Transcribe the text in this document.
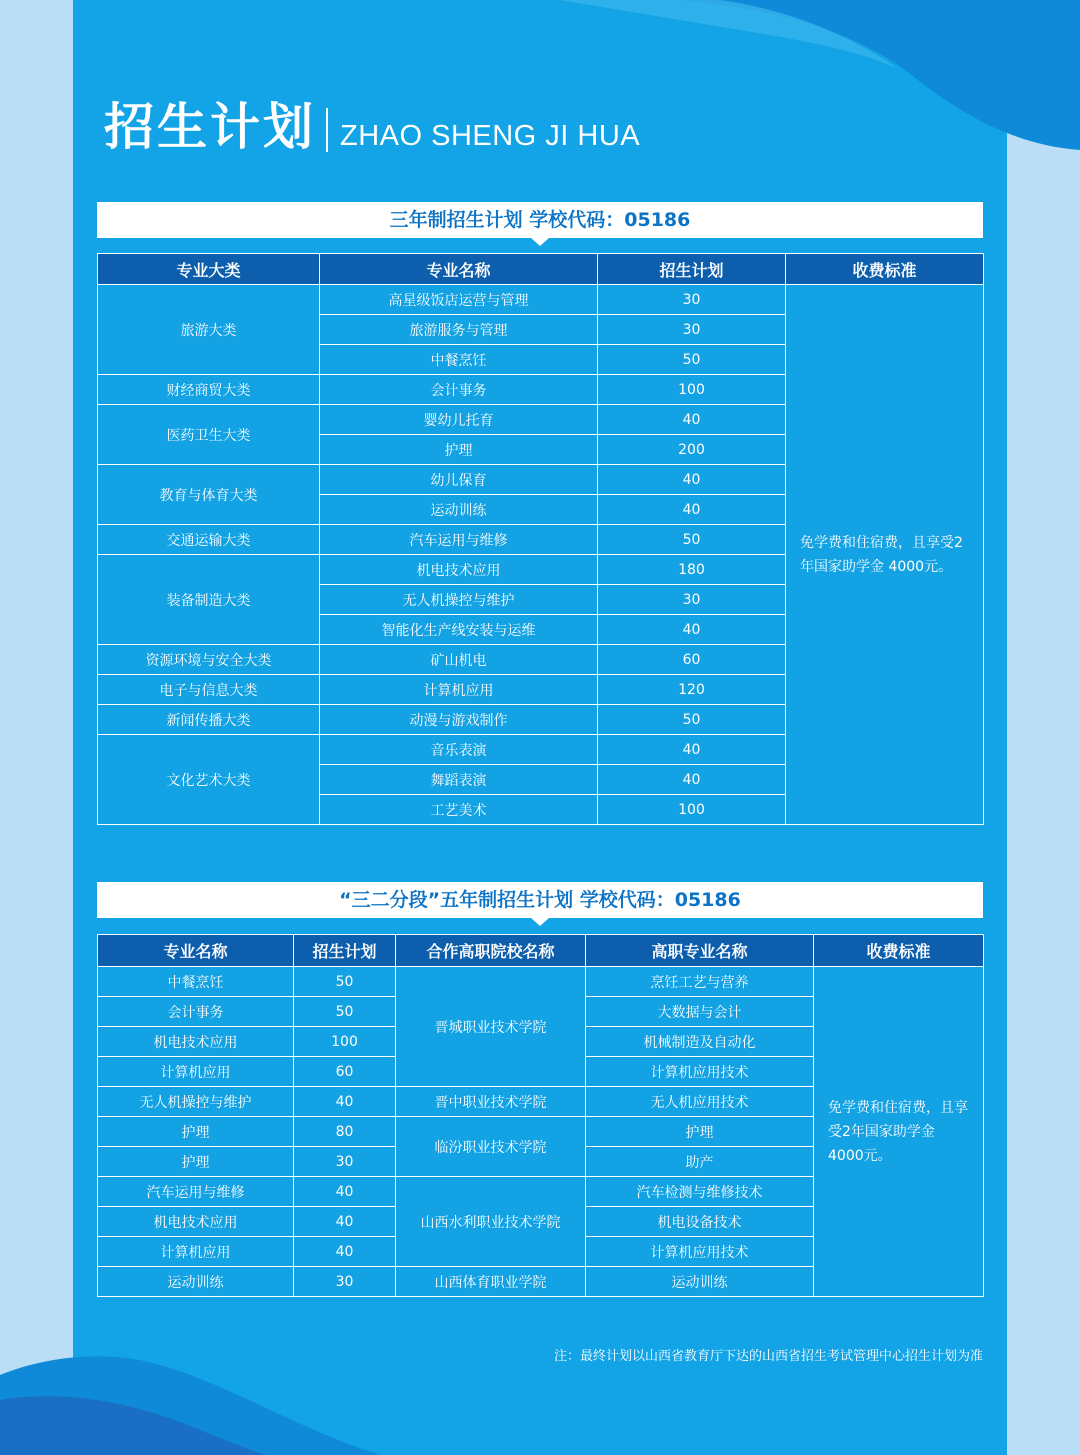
招生计划 ZHAO SHENG JI HUA
三年制招生计划 学校代码：05186
专业大类	专业名称	招生计划	收费标准
旅游大类	高星级饭店运营与管理	30	免学费和住宿费，且享受2年国家助学金 4000元。
	旅游服务与管理	30	
	中餐烹饪	50	
财经商贸大类	会计事务	100	
医药卫生大类	婴幼儿托育	40	
	护理	200	
教育与体育大类	幼儿保育	40	
	运动训练	40	
交通运输大类	汽车运用与维修	50	
装备制造大类	机电技术应用	180	
	无人机操控与维护	30	
	智能化生产线安装与运维	40	
资源环境与安全大类	矿山机电	60	
电子与信息大类	计算机应用	120	
新闻传播大类	动漫与游戏制作	50	
文化艺术大类	音乐表演	40	
	舞蹈表演	40	
	工艺美术	100	
“三二分段”五年制招生计划 学校代码：05186
专业名称	招生计划	合作高职院校名称	高职专业名称	收费标准
中餐烹饪	50	晋城职业技术学院	烹饪工艺与营养	免学费和住宿费，且享受2年国家助学金 4000元。
会计事务	50		大数据与会计	
机电技术应用	100		机械制造及自动化	
计算机应用	60		计算机应用技术	
无人机操控与维护	40	晋中职业技术学院	无人机应用技术	
护理	80	临汾职业技术学院	护理	
护理	30		助产	
汽车运用与维修	40	山西水利职业技术学院	汽车检测与维修技术	
机电技术应用	40		机电设备技术	
计算机应用	40		计算机应用技术	
运动训练	30	山西体育职业学院	运动训练	
注：最终计划以山西省教育厅下达的山西省招生考试管理中心招生计划为准
